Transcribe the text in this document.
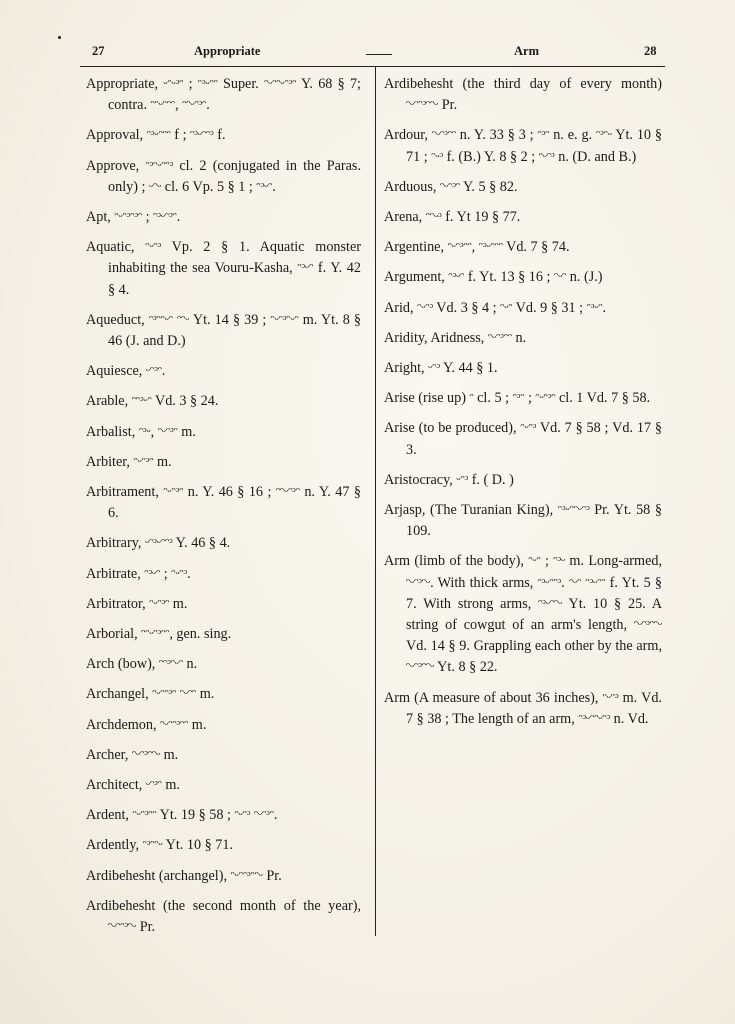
27	Appropriate	Arm	28
Appropriate, ᵕᵔᵕᵓᵔ ; ᵔᵓᵕᵔᵔ Super. ᵔᵕᵔᵔᵕᵔᵓᵔ Y. 68 § 7; contra. ᵔᵔᵕᵔᵔᵔ, ᵔᵔᵕᵔᵓᵔ.
Approval, ᵔᵓᵕᵔᵔᵔ f ; ᵔᵓᵕᵔᵔᵓ f.
Approve, ᵔᵓᵔᵕᵔᵔᵓ cl. 2 (conjugated in the Paras. only) ; ᵕᵔᵕ cl. 6 Vp. 5 § 1 ; ᵔᵓᵕᵔ.
Apt, ᵔᵕᵔᵓᵔᵓᵔ ; ᵔᵓᵕᵔᵓᵔ.
Aquatic, ᵔᵕᵔᵓ Vp. 2 § 1. Aquatic monster inhabiting the sea Vouru-Kasha, ᵔᵓᵕᵔ f. Y. 42 § 4.
Aqueduct, ᵔᵓᵔᵔᵕᵔ ᵔᵔᵕ Yt. 14 § 39 ; ᵔᵕᵔᵓᵔᵕᵔ m. Yt. 8 § 46 (J. and D.)
Aquiesce, ᵕᵔᵓᵔ.
Arable, ᵔᵔᵓᵕᵔ Vd. 3 § 24.
Arbalist, ᵔᵓᵕ, ᵔᵕᵔᵓᵔ m.
Arbiter, ᵔᵕᵔᵓᵔ m.
Arbitrament, ᵔᵕᵔᵓᵔ n. Y. 46 § 16 ; ᵔᵔᵕᵔᵓᵔ n. Y. 47 § 6.
Arbitrary, ᵕᵔᵓᵕᵔᵔᵓ Y. 46 § 4.
Arbitrate, ᵔᵓᵕᵔ ; ᵔᵕᵔᵓ.
Arbitrator, ᵔᵕᵔᵓᵔ m.
Arborial, ᵔᵔᵕᵔᵓᵔᵔ, gen. sing.
Arch (bow), ᵔᵔᵓᵔᵕᵔ n.
Archangel, ᵔᵕᵔᵔᵓᵔ ᵔᵕᵔᵔ m.
Archdemon, ᵔᵕᵔᵔᵓᵔᵔ m.
Archer, ᵔᵕᵔᵓᵔᵔᵕ m.
Architect, ᵕᵔᵓᵔ m.
Ardent, ᵔᵕᵔᵓᵔᵔ Yt. 19 § 58 ; ᵔᵕᵔᵓ ᵔᵕᵔᵓᵔ.
Ardently, ᵔᵓᵔᵔᵕ Yt. 10 § 71.
Ardibehesht (archangel), ᵔᵕᵔᵔᵓᵔᵔᵕ Pr.
Ardibehesht (the second month of the year), ᵔᵕᵔᵔᵓᵔᵕ Pr.
Ardibehesht (the third day of every month) ᵔᵕᵔᵔᵓᵔᵔᵕ Pr.
Ardour, ᵔᵕᵔᵓᵔᵔ n. Y. 33 § 3 ; ᵔᵓᵔ n. e. g. ᵔᵓᵔᵕ Yt. 10 § 71 ; ᵔᵕᵓ f. (B.) Y. 8 § 2 ; ᵔᵕᵔᵓ n. (D. and B.)
Arduous, ᵔᵕᵔᵓᵔ Y. 5 § 82.
Arena, ᵔᵔᵕᵓ f. Yt 19 § 77.
Argentine, ᵔᵕᵔᵓᵔᵔ, ᵔᵓᵕᵔᵔᵔ Vd. 7 § 74.
Argument, ᵔᵓᵕᵔ f. Yt. 13 § 16 ; ᵔᵕᵔ n. (J.)
Arid, ᵔᵕᵔᵓ Vd. 3 § 4 ; ᵔᵕᵔ Vd. 9 § 31 ; ᵔᵓᵕᵔ.
Aridity, Aridness, ᵔᵕᵔᵓᵔᵔ n.
Aright, ᵕᵔᵓ Y. 44 § 1.
Arise (rise up) ᵔ cl. 5 ; ᵔᵓᵔ ; ᵔᵕᵔᵓᵔ cl. 1 Vd. 7 § 58.
Arise (to be produced), ᵔᵕᵔᵓ Vd. 7 § 58 ; Vd. 17 § 3.
Aristocracy, ᵕᵔᵓ f. ( D. )
Arjasp, (The Turanian King), ᵔᵓᵕᵔᵔᵕᵔᵓ Pr. Yt. 58 § 109.
Arm (limb of the body), ᵔᵕᵔ ; ᵔᵓᵕ m. Long-armed, ᵔᵕᵔᵓᵔᵕ. With thick arms, ᵔᵓᵕᵔᵔᵓ. ᵔᵕᵔ ᵔᵓᵕᵔᵔ f. Yt. 5 § 7. With strong arms, ᵔᵓᵕᵔᵔᵕ Yt. 10 § 25. A string of cowgut of an arm's length, ᵔᵕᵔᵓᵔᵔᵕ Vd. 14 § 9. Grappling each other by the arm, ᵔᵕᵔᵓᵔᵔᵕ Yt. 8 § 22.
Arm (A measure of about 36 inches), ᵔᵕᵔᵓ m. Vd. 7 § 38 ; The length of an arm, ᵔᵓᵕᵔᵔᵕᵔᵓ n. Vd.
